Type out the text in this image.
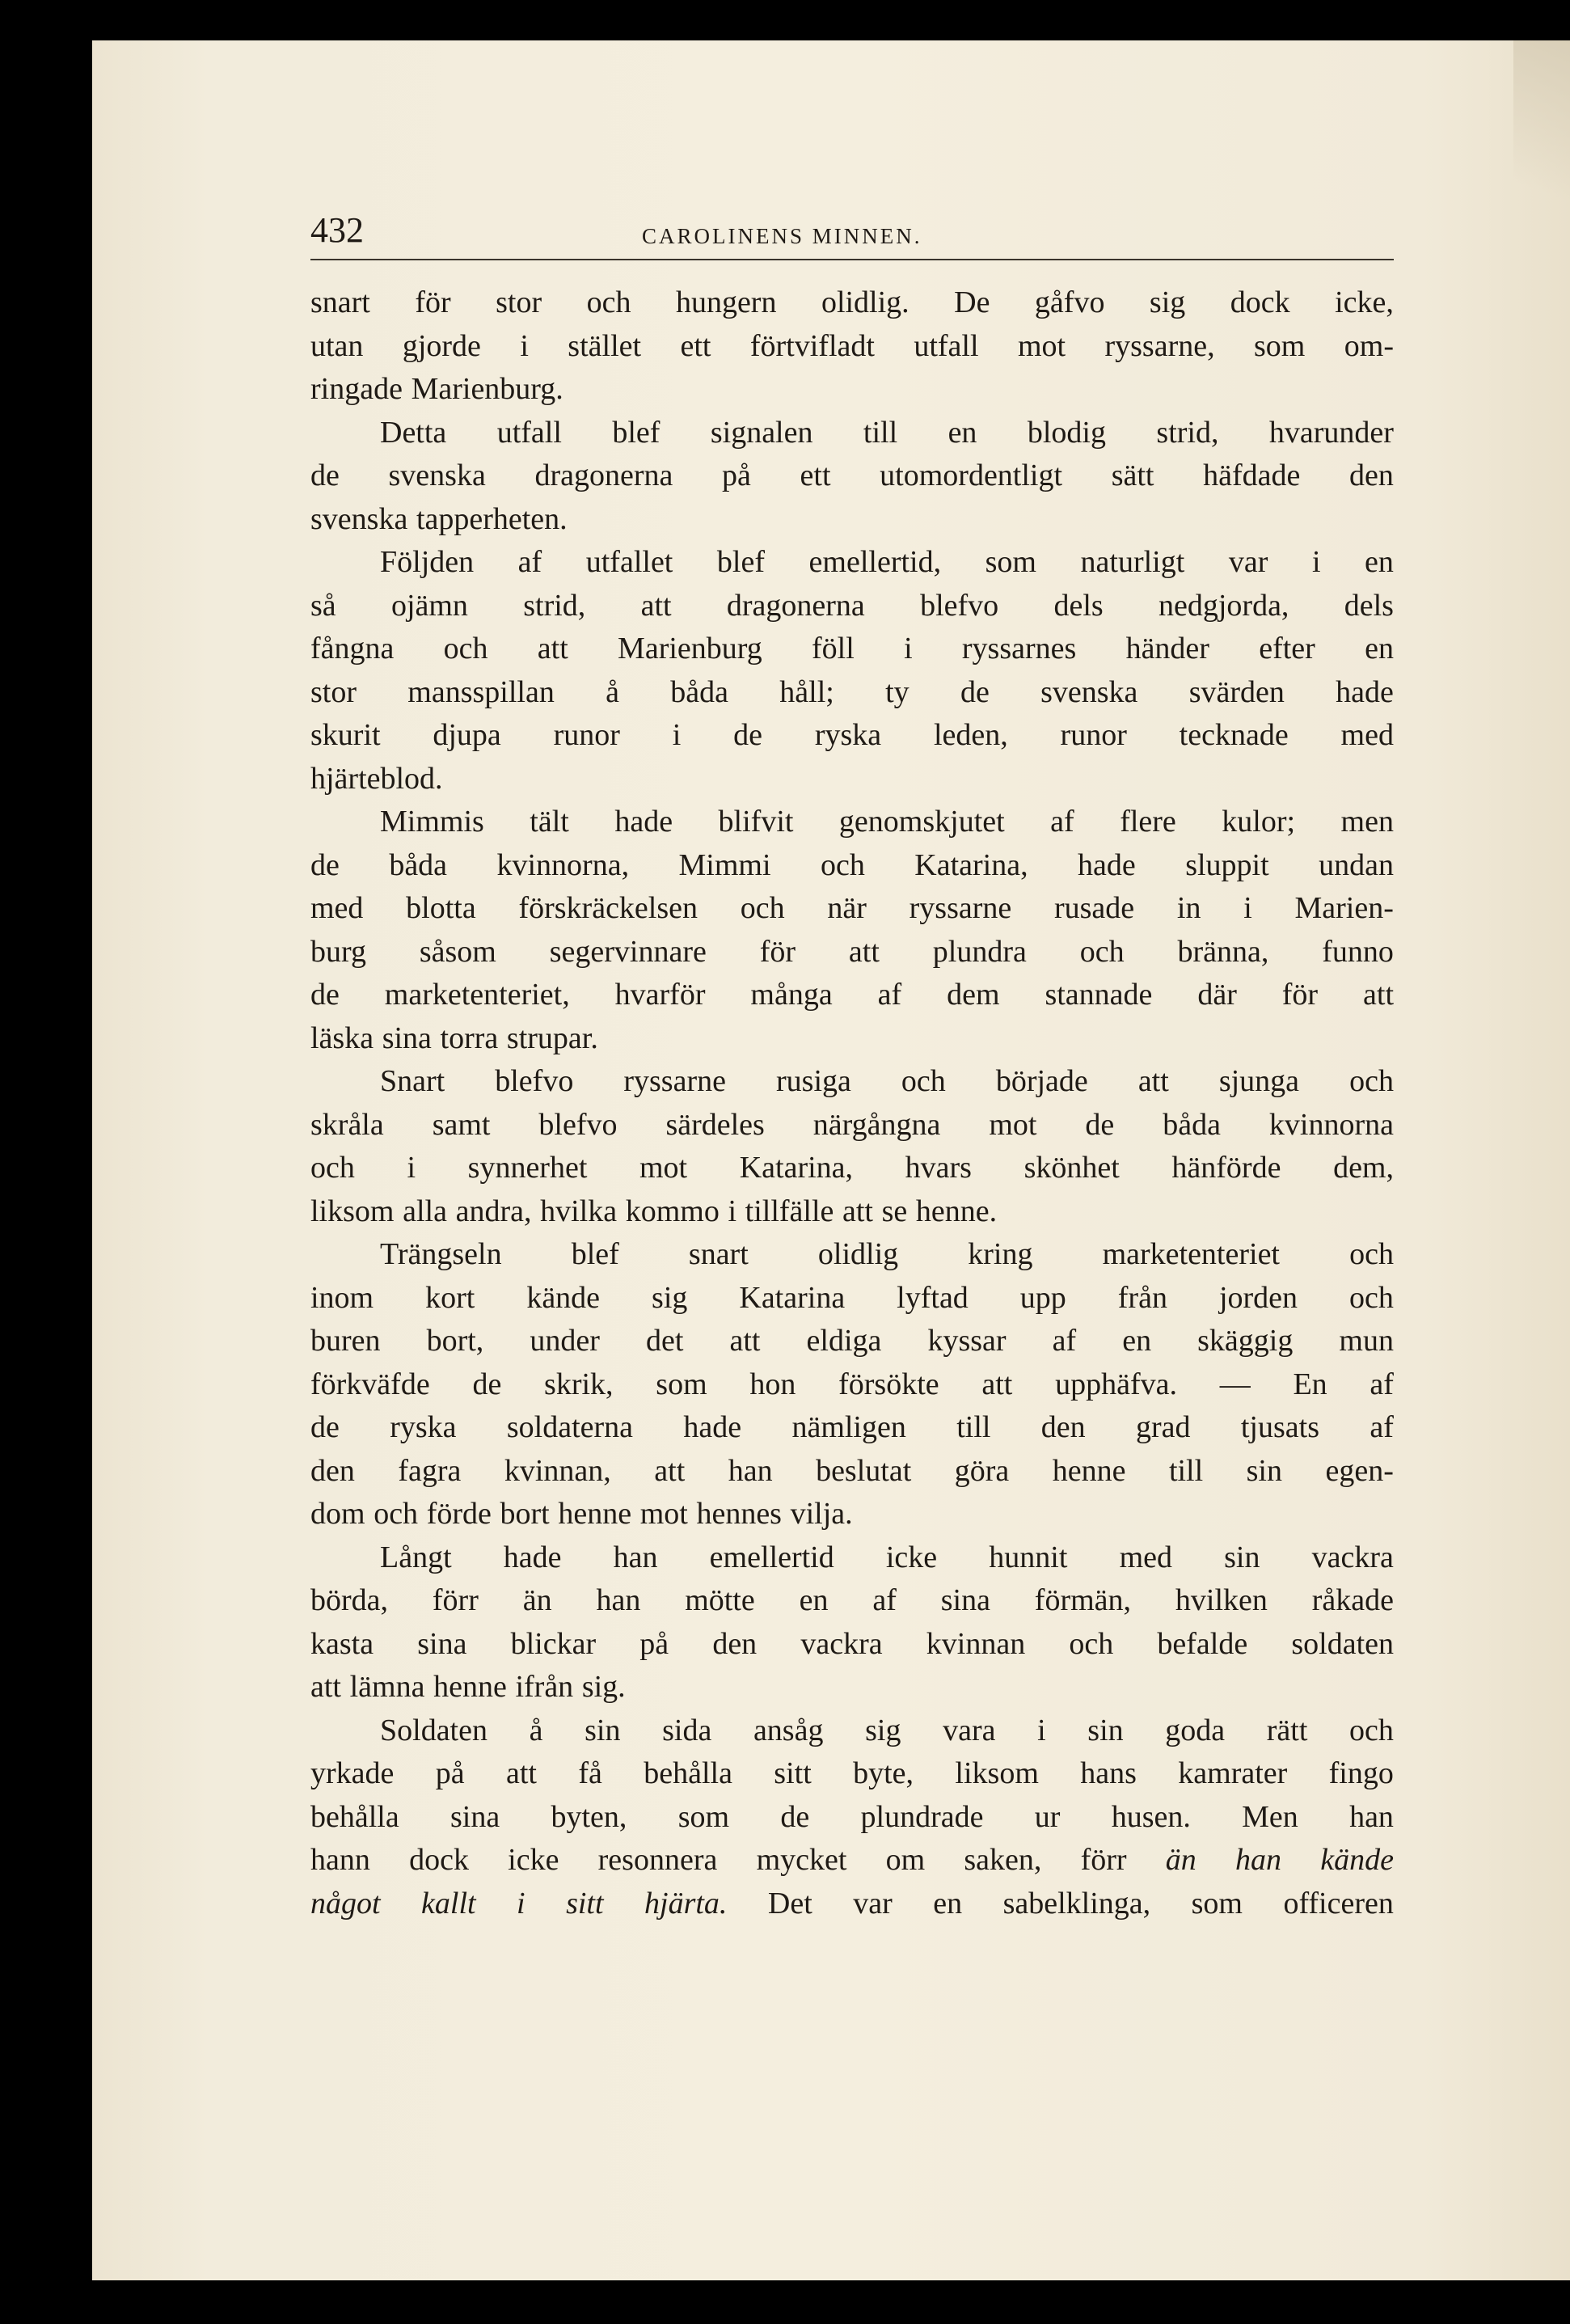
432	CAROLINENS MINNEN.
snart för stor och hungern olidlig. De gåfvo sig dock icke,
utan gjorde i stället ett förtvifladt utfall mot ryssarne, som om-
ringade Marienburg.
Detta utfall blef signalen till en blodig strid, hvarunder
de svenska dragonerna på ett utomordentligt sätt häfdade den
svenska tapperheten.
Följden af utfallet blef emellertid, som naturligt var i en
så ojämn strid, att dragonerna blefvo dels nedgjorda, dels
fångna och att Marienburg föll i ryssarnes händer efter en
stor mansspillan å båda håll; ty de svenska svärden hade
skurit djupa runor i de ryska leden, runor tecknade med
hjärteblod.
Mimmis tält hade blifvit genomskjutet af flere kulor; men
de båda kvinnorna, Mimmi och Katarina, hade sluppit undan
med blotta förskräckelsen och när ryssarne rusade in i Marien-
burg såsom segervinnare för att plundra och bränna, funno
de marketenteriet, hvarför många af dem stannade där för att
läska sina torra strupar.
Snart blefvo ryssarne rusiga och började att sjunga och
skråla samt blefvo särdeles närgångna mot de båda kvinnorna
och i synnerhet mot Katarina, hvars skönhet hänförde dem,
liksom alla andra, hvilka kommo i tillfälle att se henne.
Trängseln blef snart olidlig kring marketenteriet och
inom kort kände sig Katarina lyftad upp från jorden och
buren bort, under det att eldiga kyssar af en skäggig mun
förkväfde de skrik, som hon försökte att upphäfva. — En af
de ryska soldaterna hade nämligen till den grad tjusats af
den fagra kvinnan, att han beslutat göra henne till sin egen-
dom och förde bort henne mot hennes vilja.
Långt hade han emellertid icke hunnit med sin vackra
börda, förr än han mötte en af sina förmän, hvilken råkade
kasta sina blickar på den vackra kvinnan och befalde soldaten
att lämna henne ifrån sig.
Soldaten å sin sida ansåg sig vara i sin goda rätt och
yrkade på att få behålla sitt byte, liksom hans kamrater fingo
behålla sina byten, som de plundrade ur husen. Men han
hann dock icke resonnera mycket om saken, förr än han kände
något kallt i sitt hjärta. Det var en sabelklinga, som officeren
